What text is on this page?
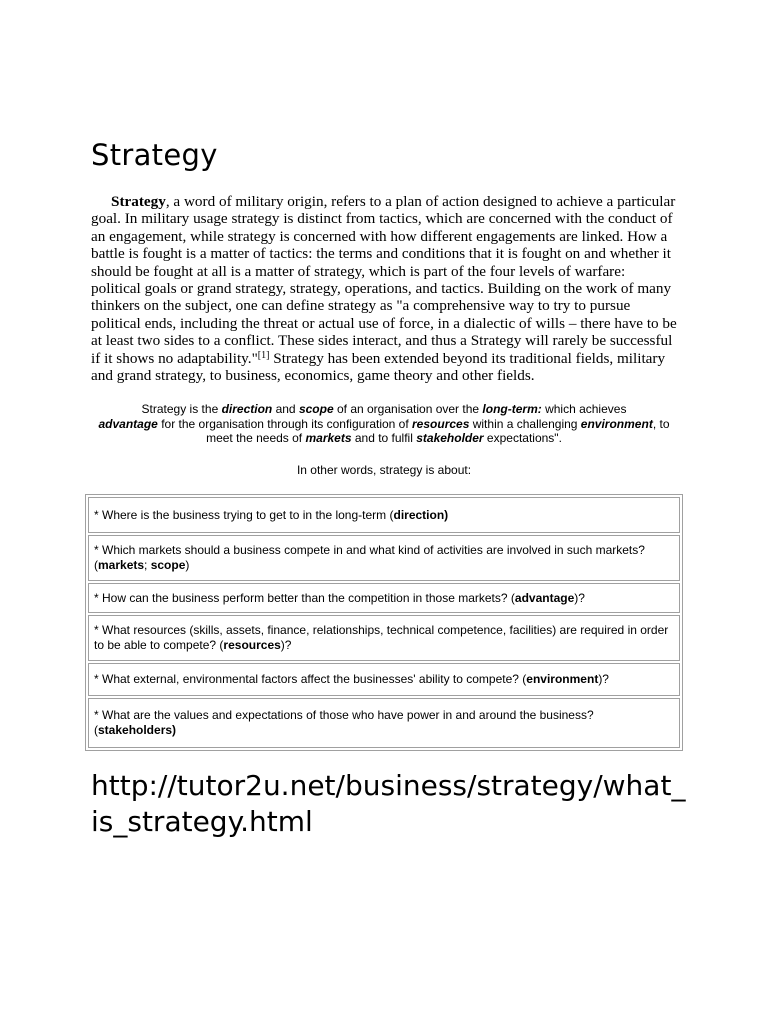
Strategy

Strategy, a word of military origin, refers to a plan of action designed to achieve a particular goal. In military usage strategy is distinct from tactics, which are concerned with the conduct of an engagement, while strategy is concerned with how different engagements are linked. How a battle is fought is a matter of tactics: the terms and conditions that it is fought on and whether it should be fought at all is a matter of strategy, which is part of the four levels of warfare: political goals or grand strategy, strategy, operations, and tactics. Building on the work of many thinkers on the subject, one can define strategy as "a comprehensive way to try to pursue political ends, including the threat or actual use of force, in a dialectic of wills – there have to be at least two sides to a conflict. These sides interact, and thus a Strategy will rarely be successful if it shows no adaptability."[1] Strategy has been extended beyond its traditional fields, military and grand strategy, to business, economics, game theory and other fields.

Strategy is the direction and scope of an organisation over the long-term: which achieves
advantage for the organisation through its configuration of resources within a challenging environment, to meet the needs of markets and to fulfil stakeholder expectations".

In other words, strategy is about:

* Where is the business trying to get to in the long-term (direction)
* Which markets should a business compete in and what kind of activities are involved in such markets? (markets; scope)
* How can the business perform better than the competition in those markets? (advantage)?
* What resources (skills, assets, finance, relationships, technical competence, facilities) are required in order to be able to compete? (resources)?
* What external, environmental factors affect the businesses' ability to compete? (environment)?
* What are the values and expectations of those who have power in and around the business? (stakeholders)

http://tutor2u.net/business/strategy/what_is_strategy.html
